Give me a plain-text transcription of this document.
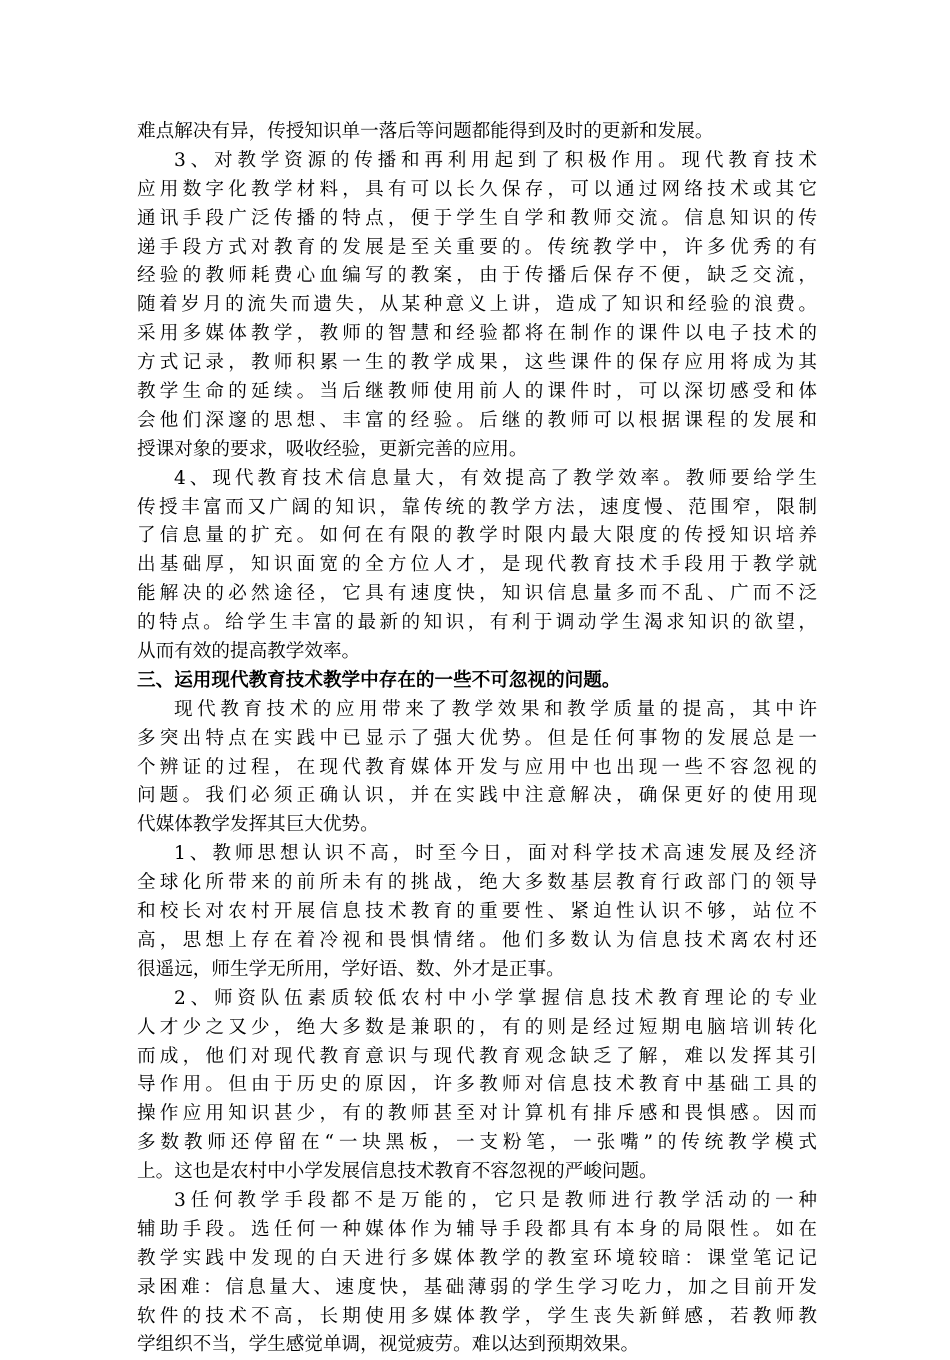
难点解决有异，传授知识单一落后等问题都能得到及时的更新和发展。
3、对教学资源的传播和再利用起到了积极作用。现代教育技术
应用数字化教学材料，具有可以长久保存，可以通过网络技术或其它
通讯手段广泛传播的特点，便于学生自学和教师交流。信息知识的传
递手段方式对教育的发展是至关重要的。传统教学中，许多优秀的有
经验的教师耗费心血编写的教案，由于传播后保存不便，缺乏交流，
随着岁月的流失而遗失，从某种意义上讲，造成了知识和经验的浪费。
采用多媒体教学，教师的智慧和经验都将在制作的课件以电子技术的
方式记录，教师积累一生的教学成果，这些课件的保存应用将成为其
教学生命的延续。当后继教师使用前人的课件时，可以深切感受和体
会他们深邃的思想、丰富的经验。后继的教师可以根据课程的发展和
授课对象的要求，吸收经验，更新完善的应用。
4、现代教育技术信息量大，有效提高了教学效率。教师要给学生
传授丰富而又广阔的知识，靠传统的教学方法，速度慢、范围窄，限制
了信息量的扩充。如何在有限的教学时限内最大限度的传授知识培养
出基础厚，知识面宽的全方位人才，是现代教育技术手段用于教学就
能解决的必然途径，它具有速度快，知识信息量多而不乱、广而不泛
的特点。给学生丰富的最新的知识，有利于调动学生渴求知识的欲望，
从而有效的提高教学效率。
三、运用现代教育技术教学中存在的一些不可忽视的问题。
现代教育技术的应用带来了教学效果和教学质量的提高，其中许
多突出特点在实践中已显示了强大优势。但是任何事物的发展总是一
个辨证的过程，在现代教育媒体开发与应用中也出现一些不容忽视的
问题。我们必须正确认识，并在实践中注意解决，确保更好的使用现
代媒体教学发挥其巨大优势。
1、教师思想认识不高，时至今日，面对科学技术高速发展及经济
全球化所带来的前所未有的挑战，绝大多数基层教育行政部门的领导
和校长对农村开展信息技术教育的重要性、紧迫性认识不够，站位不
高，思想上存在着冷视和畏惧情绪。他们多数认为信息技术离农村还
很遥远，师生学无所用，学好语、数、外才是正事。
2、师资队伍素质较低农村中小学掌握信息技术教育理论的专业
人才少之又少，绝大多数是兼职的，有的则是经过短期电脑培训转化
而成，他们对现代教育意识与现代教育观念缺乏了解，难以发挥其引
导作用。但由于历史的原因，许多教师对信息技术教育中基础工具的
操作应用知识甚少，有的教师甚至对计算机有排斥感和畏惧感。因而
多数教师还停留在“一块黑板，一支粉笔，一张嘴”的传统教学模式
上。这也是农村中小学发展信息技术教育不容忽视的严峻问题。
3任何教学手段都不是万能的，它只是教师进行教学活动的一种
辅助手段。选任何一种媒体作为辅导手段都具有本身的局限性。如在
教学实践中发现的白天进行多媒体教学的教室环境较暗：课堂笔记记
录困难：信息量大、速度快，基础薄弱的学生学习吃力，加之目前开发
软件的技术不高，长期使用多媒体教学，学生丧失新鲜感，若教师教
学组织不当，学生感觉单调，视觉疲劳。难以达到预期效果。
